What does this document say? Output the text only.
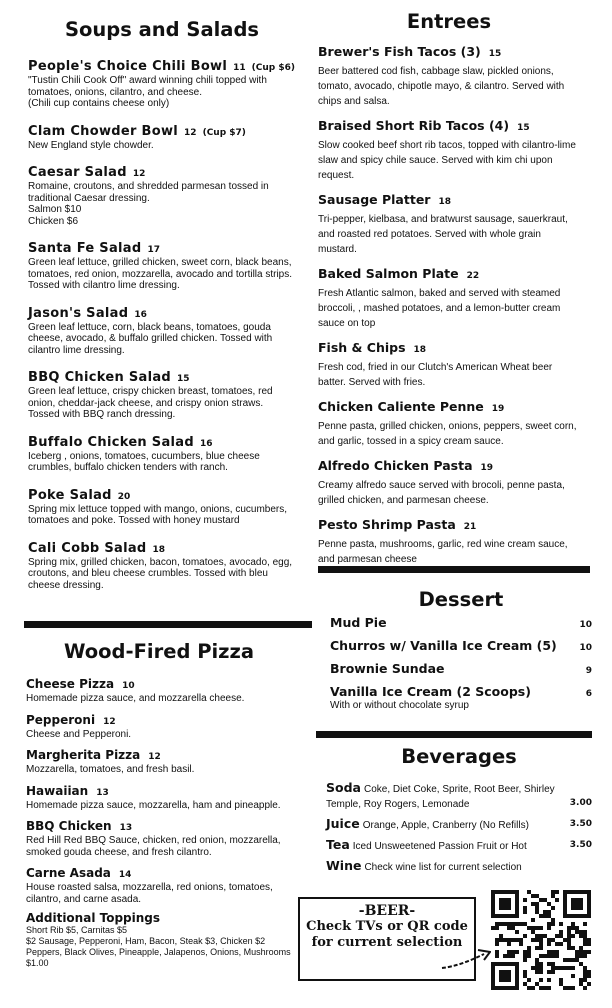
Soups and Salads
People's Choice Chili Bowl 11 (Cup $6)
"Tustin Chili Cook Off" award winning chili topped with tomatoes, onions, cilantro, and cheese.
(Chili cup contains cheese only)
Clam Chowder Bowl 12 (Cup $7)
New England style chowder.
Caesar Salad 12
Romaine, croutons, and shredded parmesan tossed in traditional Caesar dressing.
Salmon $10
Chicken $6
Santa Fe Salad 17
Green leaf lettuce, grilled chicken, sweet corn, black beans, tomatoes, red onion, mozzarella, avocado and tortilla strips. Tossed with cilantro lime dressing.
Jason's Salad 16
Green leaf lettuce, corn, black beans, tomatoes, gouda cheese, avocado, & buffalo grilled chicken. Tossed with cilantro lime dressing.
BBQ Chicken Salad 15
Green leaf lettuce, crispy chicken breast, tomatoes, red onion, cheddar-jack cheese, and crispy onion straws. Tossed with BBQ ranch dressing.
Buffalo Chicken Salad 16
Iceberg , onions, tomatoes, cucumbers, blue cheese crumbles, buffalo chicken tenders with ranch.
Poke Salad 20
Spring mix lettuce topped with mango, onions, cucumbers, tomatoes and poke. Tossed with honey mustard
Cali Cobb Salad 18
Spring mix, grilled chicken, bacon, tomatoes, avocado, egg, croutons, and bleu cheese crumbles. Tossed with bleu cheese dressing.
Entrees
Brewer's Fish Tacos (3) 15
Beer battered cod fish, cabbage slaw, pickled onions, tomato, avocado, chipotle mayo, & cilantro. Served with chips and salsa.
Braised Short Rib Tacos (4) 15
Slow cooked beef short rib tacos, topped with cilantro-lime slaw and spicy chile sauce. Served with kim chi upon request.
Sausage Platter 18
Tri-pepper, kielbasa, and bratwurst sausage, sauerkraut, and roasted red potatoes. Served with whole grain mustard.
Baked Salmon Plate 22
Fresh Atlantic salmon, baked and served with steamed broccoli, , mashed potatoes, and a lemon-butter cream sauce on top
Fish & Chips 18
Fresh cod, fried in our Clutch's American Wheat beer batter. Served with fries.
Chicken Caliente Penne 19
Penne pasta, grilled chicken, onions, peppers, sweet corn, and garlic, tossed in a spicy cream sauce.
Alfredo Chicken Pasta 19
Creamy alfredo sauce served with brocoli, penne pasta, grilled chicken, and parmesan cheese.
Pesto Shrimp Pasta 21
Penne pasta, mushrooms, garlic, red wine cream sauce, and parmesan cheese
Wood-Fired Pizza
Cheese Pizza 10
Homemade pizza sauce, and mozzarella cheese.
Pepperoni 12
Cheese and Pepperoni.
Margherita Pizza 12
Mozzarella, tomatoes, and fresh basil.
Hawaiian 13
Homemade pizza sauce, mozzarella, ham and pineapple.
BBQ Chicken 13
Red Hill Red BBQ Sauce, chicken, red onion, mozzarella, smoked gouda cheese, and fresh cilantro.
Carne Asada 14
House roasted salsa, mozzarella, red onions, tomatoes, cilantro, and carne asada.
Additional Toppings
Short Rib $5, Carnitas $5
$2 Sausage, Pepperoni, Ham, Bacon, Steak $3, Chicken $2 Peppers, Black Olives, Pineapple, Jalapenos, Onions, Mushrooms $1.00
Dessert
Mud Pie	10
Churros w/ Vanilla Ice Cream (5)	10
Brownie Sundae	9
Vanilla Ice Cream (2 Scoops)	6
With or without chocolate syrup
Beverages
Soda Coke, Diet Coke, Sprite, Root Beer, Shirley Temple, Roy Rogers, Lemonade	3.00
Juice Orange, Apple, Cranberry (No Refills)	3.50
Tea Iced Unsweetened Passion Fruit or Hot	3.50
Wine Check wine list for current selection
-BEER-
Check TVs or QR code for current selection
